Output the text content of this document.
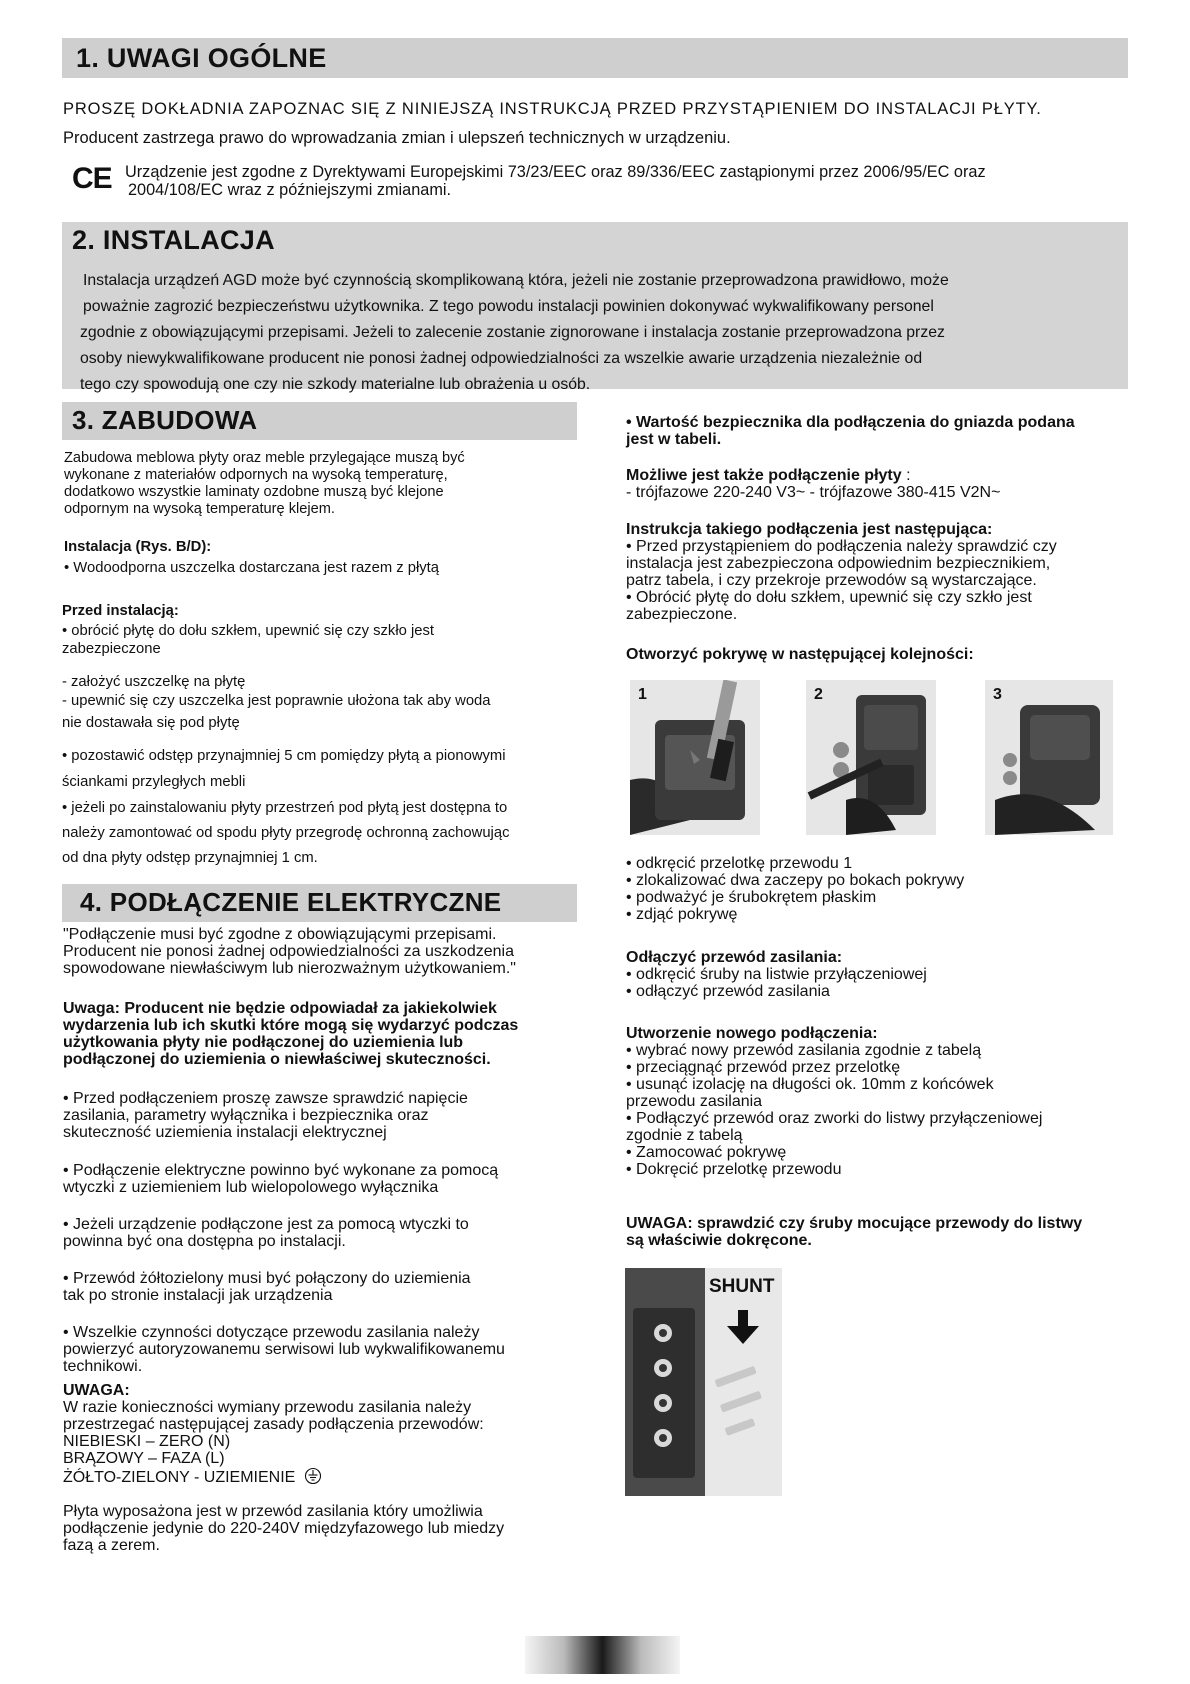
1. UWAGI OGÓLNE
PROSZĘ DOKŁADNIA ZAPOZNAC SIĘ Z NINIEJSZĄ INSTRUKCJĄ PRZED PRZYSTĄPIENIEM DO INSTALACJI PŁYTY.
Producent zastrzega prawo do wprowadzania zmian i ulepszeń technicznych w urządzeniu.
CE Urządzenie jest zgodne z Dyrektywami Europejskimi 73/23/EEC oraz 89/336/EEC zastąpionymi przez 2006/95/EC oraz
2004/108/EC wraz z późniejszymi zmianami.
2. INSTALACJA
Instalacja urządzeń AGD może być czynnością skomplikowaną która, jeżeli nie zostanie przeprowadzona prawidłowo, może
poważnie zagrozić bezpieczeństwu użytkownika. Z tego powodu instalacji powinien dokonywać wykwalifikowany personel
zgodnie z obowiązującymi przepisami. Jeżeli to zalecenie zostanie zignorowane i instalacja zostanie przeprowadzona przez
osoby niewykwalifikowane producent nie ponosi żadnej odpowiedzialności za wszelkie awarie urządzenia niezależnie od
tego czy spowodują one czy nie szkody materialne lub obrażenia u osób.
3. ZABUDOWA
Zabudowa meblowa płyty oraz meble przylegające muszą być
wykonane z materiałów odpornych na wysoką temperaturę,
dodatkowo wszystkie laminaty ozdobne muszą być klejone
odpornym na wysoką temperaturę klejem.
Instalacja (Rys. B/D):
• Wodoodporna uszczelka dostarczana jest razem z płytą
Przed instalacją:
• obrócić płytę do dołu szkłem, upewnić się czy szkło jest
zabezpieczone
- założyć uszczelkę na płytę
- upewnić się czy uszczelka jest poprawnie ułożona tak aby woda
nie dostawała się pod płytę
• pozostawić odstęp przynajmniej 5 cm pomiędzy płytą a pionowymi
ściankami przyległych mebli
• jeżeli po zainstalowaniu płyty przestrzeń pod płytą jest dostępna to
należy zamontować od spodu płyty przegrodę ochronną zachowując
od dna płyty odstęp przynajmniej 1 cm.
4. PODŁĄCZENIE ELEKTRYCZNE
"Podłączenie musi być zgodne z obowiązującymi przepisami.
Producent nie ponosi żadnej odpowiedzialności za uszkodzenia
spowodowane niewłaściwym lub nierozważnym użytkowaniem."
Uwaga: Producent nie będzie odpowiadał za jakiekolwiek
wydarzenia lub ich skutki które mogą się wydarzyć podczas
użytkowania płyty nie podłączonej do uziemienia lub
podłączonej do uziemienia o niewłaściwej skuteczności.
• Przed podłączeniem proszę zawsze sprawdzić napięcie
zasilania, parametry wyłącznika i bezpiecznika oraz
skuteczność uziemienia instalacji elektrycznej
• Podłączenie elektryczne powinno być wykonane za pomocą
wtyczki z uziemieniem lub wielopolowego wyłącznika
• Jeżeli urządzenie podłączone jest za pomocą wtyczki to
powinna być ona dostępna po instalacji.
• Przewód żółtozielony musi być połączony do uziemienia
tak po stronie instalacji jak urządzenia
• Wszelkie czynności dotyczące przewodu zasilania należy
powierzyć autoryzowanemu serwisowi lub wykwalifikowanemu
technikowi.
UWAGA:
W razie konieczności wymiany przewodu zasilania należy
przestrzegać następującej zasady podłączenia przewodów:
NIEBIESKI – ZERO (N)
BRĄZOWY – FAZA (L)
ŻÓŁTO-ZIELONY - UZIEMIENIE
Płyta wyposażona jest w przewód zasilania który umożliwia
podłączenie jedynie do 220-240V międzyfazowego lub miedzy
fazą a zerem.
• Wartość bezpiecznika dla podłączenia do gniazda podana
jest w tabeli.
Możliwe jest także podłączenie płyty :
- trójfazowe 220-240 V3~ - trójfazowe 380-415 V2N~
Instrukcja takiego podłączenia jest następująca:
• Przed przystąpieniem do podłączenia należy sprawdzić czy
instalacja jest zabezpieczona odpowiednim bezpiecznikiem,
patrz tabela, i czy przekroje przewodów są wystarczające.
• Obrócić płytę do dołu szkłem, upewnić się czy szkło jest
zabezpieczone.
Otworzyć pokrywę w następującej kolejności:
1	2	3
• odkręcić przelotkę przewodu 1
• zlokalizować dwa zaczepy po bokach pokrywy
• podważyć je śrubokrętem płaskim
• zdjąć pokrywę
Odłączyć przewód zasilania:
• odkręcić śruby na listwie przyłączeniowej
• odłączyć przewód zasilania
Utworzenie nowego podłączenia:
• wybrać nowy przewód zasilania zgodnie z tabelą
• przeciągnąć przewód przez przelotkę
• usunąć izolację na długości ok. 10mm z końcówek
przewodu zasilania
• Podłączyć przewód oraz zworki do listwy przyłączeniowej
zgodnie z tabelą
• Zamocować pokrywę
• Dokręcić przelotkę przewodu
UWAGA: sprawdzić czy śruby mocujące przewody do listwy
są właściwie dokręcone.
SHUNT
